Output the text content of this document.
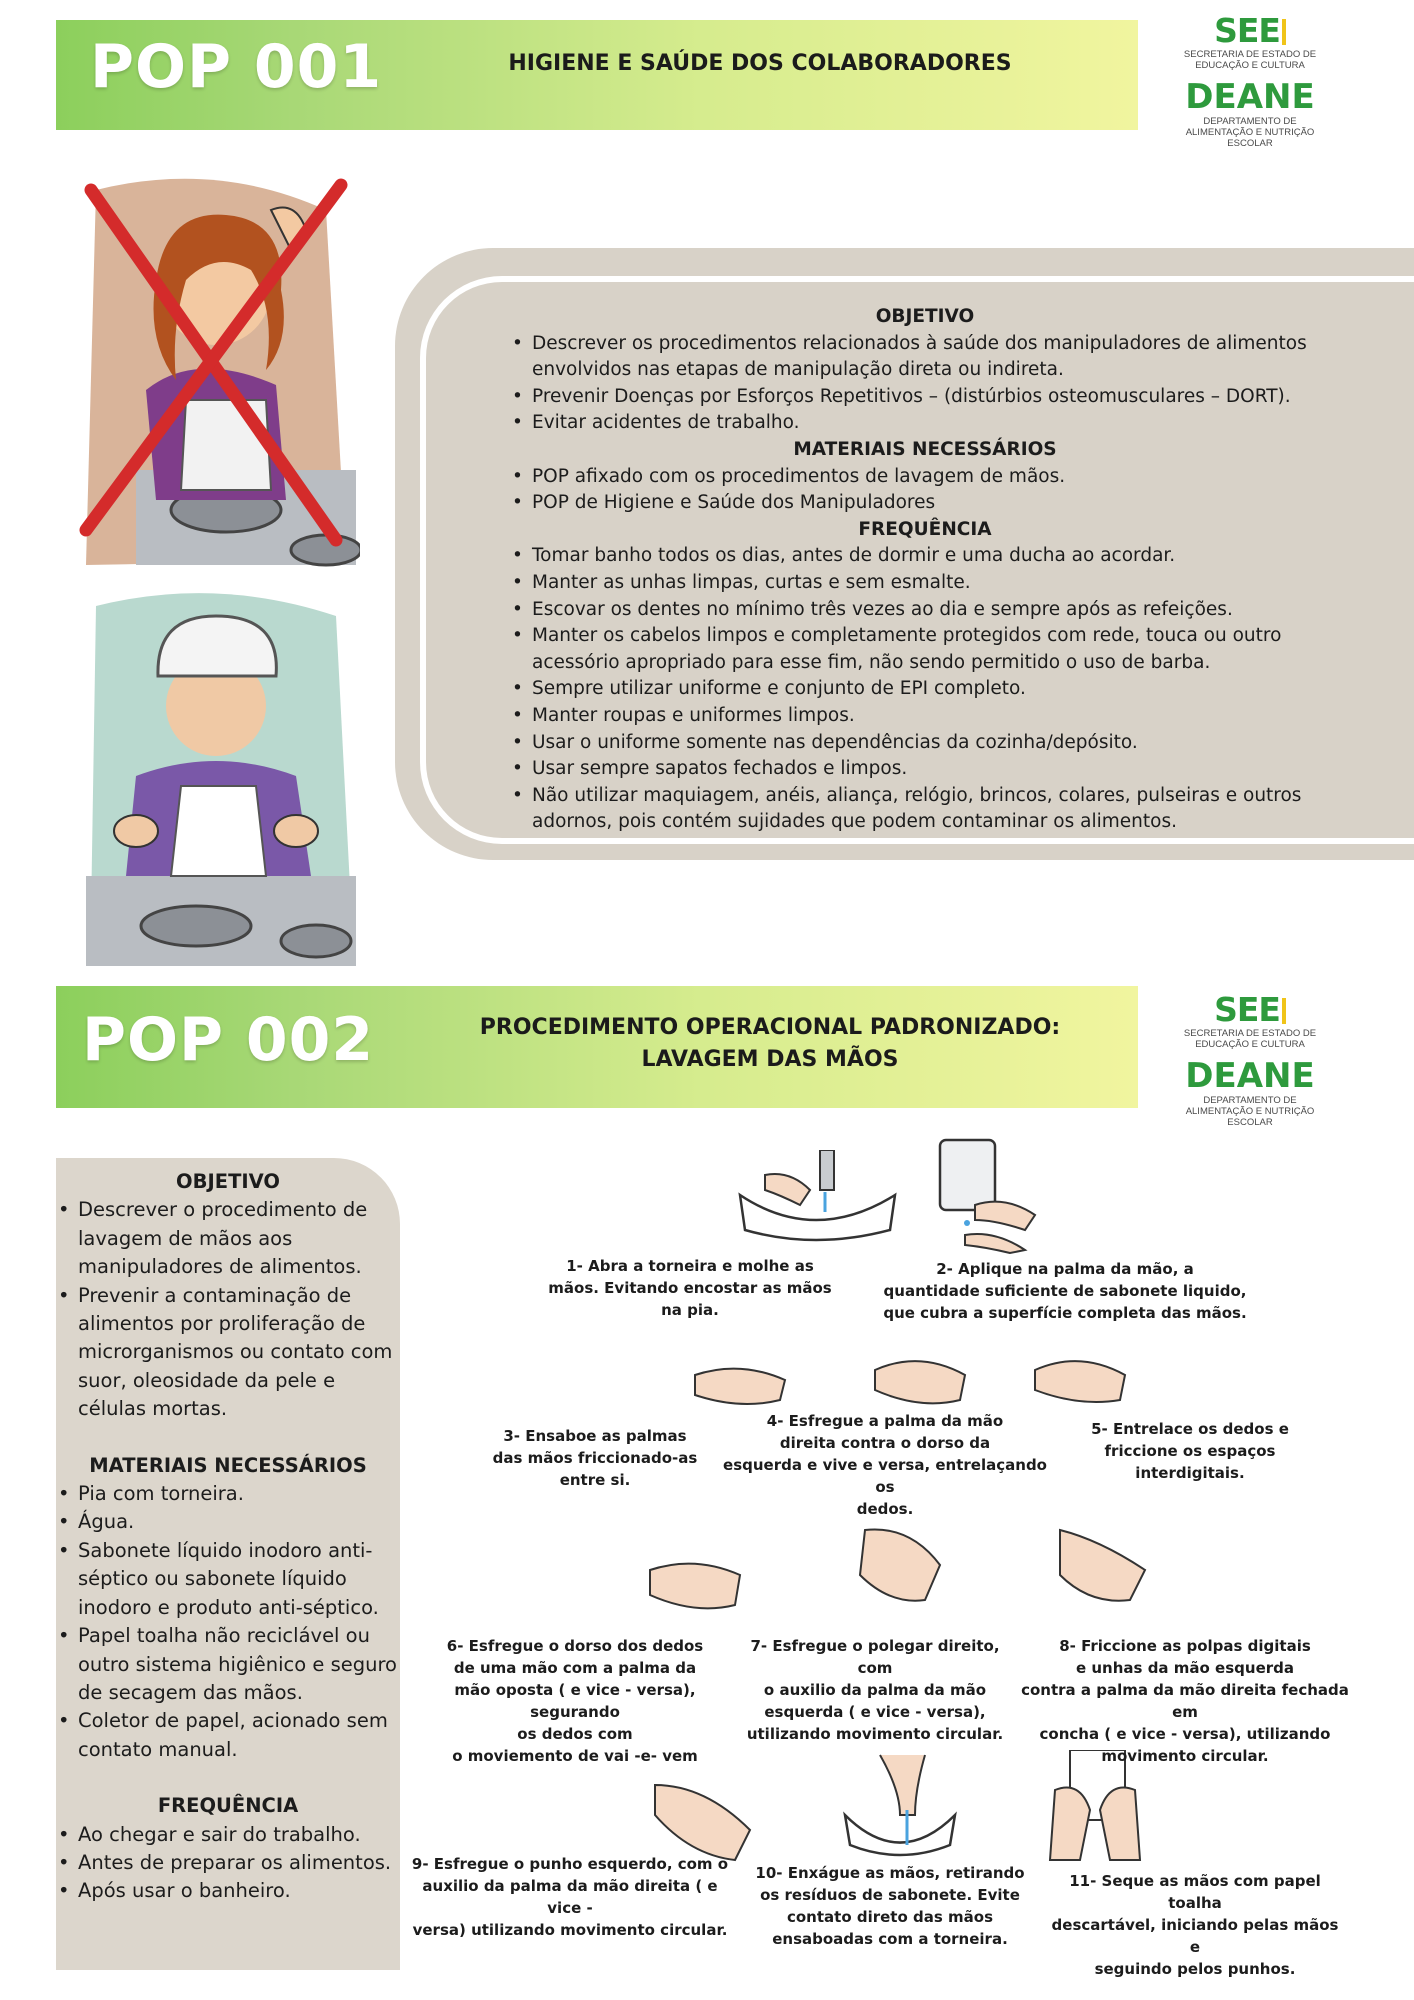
POP 001	HIGIENE E SAÚDE DOS COLABORADORES
SEE
SECRETARIA DE ESTADO DE EDUCAÇÃO E CULTURA
DEANE
DEPARTAMENTO DE ALIMENTAÇÃO E NUTRIÇÃO ESCOLAR
OBJETIVO
• Descrever os procedimentos relacionados à saúde dos manipuladores de alimentos envolvidos nas etapas de manipulação direta ou indireta.
• Prevenir Doenças por Esforços Repetitivos – (distúrbios osteomusculares – DORT).
• Evitar acidentes de trabalho.
MATERIAIS NECESSÁRIOS
• POP afixado com os procedimentos de lavagem de mãos.
• POP de Higiene e Saúde dos Manipuladores
FREQUÊNCIA
• Tomar banho todos os dias, antes de dormir e uma ducha ao acordar.
• Manter as unhas limpas, curtas e sem esmalte.
• Escovar os dentes no mínimo três vezes ao dia e sempre após as refeições.
• Manter os cabelos limpos e completamente protegidos com rede, touca ou outro acessório apropriado para esse fim, não sendo permitido o uso de barba.
• Sempre utilizar uniforme e conjunto de EPI completo.
• Manter roupas e uniformes limpos.
• Usar o uniforme somente nas dependências da cozinha/depósito.
• Usar sempre sapatos fechados e limpos.
• Não utilizar maquiagem, anéis, aliança, relógio, brincos, colares, pulseiras e outros adornos, pois contém sujidades que podem contaminar os alimentos.
POP 002	PROCEDIMENTO OPERACIONAL PADRONIZADO:
LAVAGEM DAS MÃOS
SEE
SECRETARIA DE ESTADO DE EDUCAÇÃO E CULTURA
DEANE
DEPARTAMENTO DE ALIMENTAÇÃO E NUTRIÇÃO ESCOLAR
OBJETIVO
• Descrever o procedimento de lavagem de mãos aos manipuladores de alimentos.
• Prevenir a contaminação de alimentos por proliferação de microrganismos ou contato com suor, oleosidade da pele e células mortas.
MATERIAIS NECESSÁRIOS
• Pia com torneira.
• Água.
• Sabonete líquido inodoro anti-séptico ou sabonete líquido inodoro e produto anti-séptico.
• Papel toalha não reciclável ou outro sistema higiênico e seguro de secagem das mãos.
• Coletor de papel, acionado sem contato manual.
FREQUÊNCIA
• Ao chegar e sair do trabalho.
• Antes de preparar os alimentos.
• Após usar o banheiro.
1- Abra a torneira e molhe as
mãos. Evitando encostar as mãos
na pia.
2- Aplique na palma da mão, a
quantidade suficiente de sabonete liquido,
que cubra a superfície completa das mãos.
3- Ensaboe as palmas
das mãos friccionado-as
entre si.
4- Esfregue a palma da mão
direita contra o dorso da
esquerda e vive e versa, entrelaçando os
dedos.
5- Entrelace os dedos e
friccione os espaços
interdigitais.
6- Esfregue o dorso dos dedos
de uma mão com a palma da
mão oposta ( e vice - versa), segurando
os dedos com
o moviemento de vai -e- vem
7- Esfregue o polegar direito, com
o auxilio da palma da mão
esquerda ( e vice - versa),
utilizando movimento circular.
8- Friccione as polpas digitais
e unhas da mão esquerda
contra a palma da mão direita fechada em
concha ( e vice - versa), utilizando
movimento circular.
9- Esfregue o punho esquerdo, com o
auxilio da palma da mão direita ( e vice -
versa) utilizando movimento circular.
10- Enxágue as mãos, retirando
os resíduos de sabonete. Evite
contato direto das mãos
ensaboadas com a torneira.
11- Seque as mãos com papel toalha
descartável, iniciando pelas mãos e
seguindo pelos punhos.
